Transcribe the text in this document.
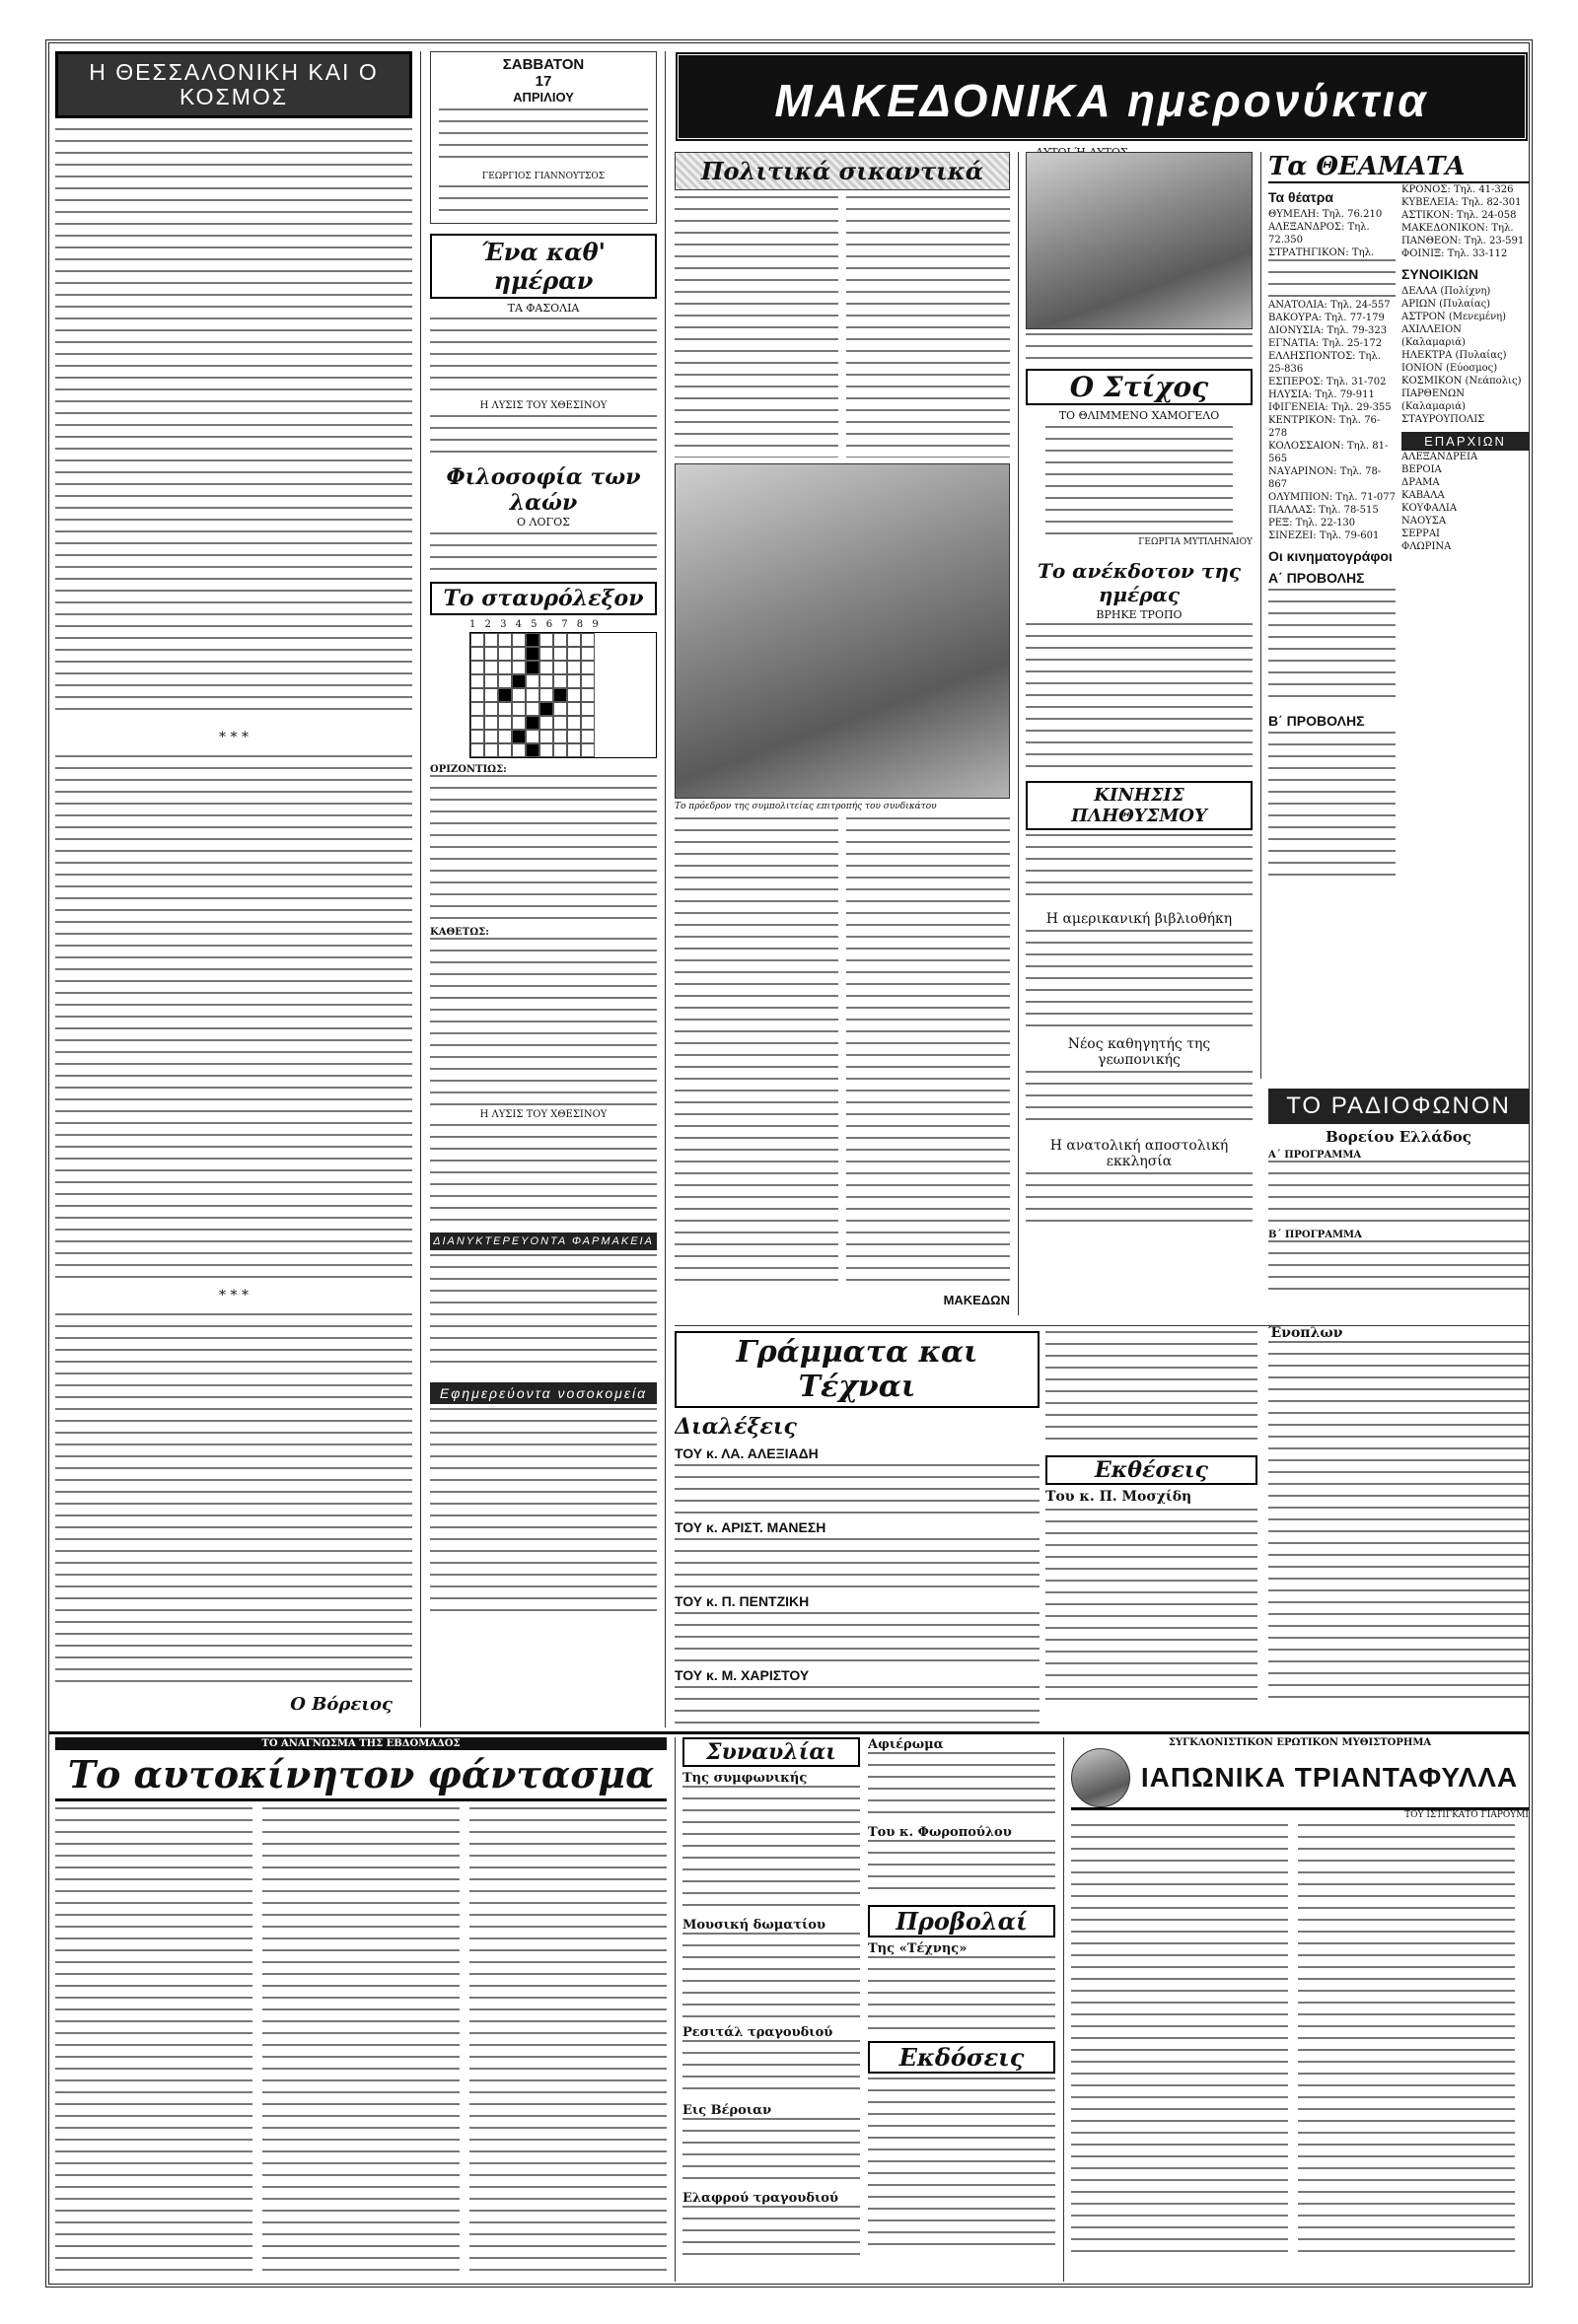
Η ΘΕΣΣΑΛΟΝΙΚΗ ΚΑΙ Ο ΚΟΣΜΟΣ
* * *
* * *
Ο Βόρειος
ΣΑΒΒΑΤΟΝ
17
ΑΠΡΙΛΙΟΥ
ΓΕΩΡΓΙΟΣ ΓΙΑΝΝΟΥΤΣΟΣ
Ένα καθ' ημέραν
ΤΑ ΦΑΣΟΛΙΑ
Η ΛΥΣΙΣ ΤΟΥ ΧΘΕΣΙΝΟΥ
Φιλοσοφία των λαών
Ο ΛΟΓΟΣ
Το σταυρόλεξον
1 2 3 4 5 6 7 8 9
ΟΡΙΖΟΝΤΙΩΣ:
ΚΑΘΕΤΩΣ:
Η ΛΥΣΙΣ ΤΟΥ ΧΘΕΣΙΝΟΥ
ΔΙΑΝΥΚΤΕΡΕΥΟΝΤΑ ΦΑΡΜΑΚΕΙΑ
Εφημερεύοντα νοσοκομεία
ΜΑΚΕΔΟΝΙΚΑ ημερονύκτια
Πολιτικά σικαντικά
Το πρόεδρον της συμπολιτείας επιτροπής του συνδικάτου
ΜΑΚΕΔΩΝ
Ο Στίχος
ΤΟ ΘΛΙΜΜΕΝΟ ΧΑΜΟΓΕΛΟ
ΓΕΩΡΓΙΑ ΜΥΤΙΛΗΝΑΙΟΥ
Το ανέκδοτον της ημέρας
ΒΡΗΚΕ ΤΡΟΠΟ
ΚΙΝΗΣΙΣ ΠΛΗΘΥΣΜΟΥ
Η αμερικανική βιβλιοθήκη
Νέος καθηγητής της γεωπονικής
Η ανατολική αποστολική εκκλησία
Τα ΘΕΑΜΑΤΑ
Τα θέατρα
ΘΥΜΕΛΗ: Τηλ. 76.210
ΑΛΕΞΑΝΔΡΟΣ: Τηλ. 72.350
ΣΤΡΑΤΗΓΙΚΟΝ: Τηλ.
ΑΝΑΤΟΛΙΑ: Τηλ. 24-557
ΒΑΚΟΥΡΑ: Τηλ. 77-179
ΔΙΟΝΥΣΙΑ: Τηλ. 79-323
ΕΓΝΑΤΙΑ: Τηλ. 25-172
ΕΛΛΗΣΠΟΝΤΟΣ: Τηλ. 25-836
ΕΣΠΕΡΟΣ: Τηλ. 31-702
ΗΛΥΣΙΑ: Τηλ. 79-911
ΙΦΙΓΕΝΕΙΑ: Τηλ. 29-355
ΚΕΝΤΡΙΚΟΝ: Τηλ. 76-278
ΚΟΛΟΣΣΑΙΟΝ: Τηλ. 81-565
ΝΑΥΑΡΙΝΟΝ: Τηλ. 78-867
ΟΛΥΜΠΙΟΝ: Τηλ. 71-077
ΠΑΛΛΑΣ: Τηλ. 78-515
ΡΕΞ: Τηλ. 22-130
ΣΙΝΕΖΕΙ: Τηλ. 79-601
Οι κινηματογράφοι
Α΄ ΠΡΟΒΟΛΗΣ
Β΄ ΠΡΟΒΟΛΗΣ
ΚΡΟΝΟΣ: Τηλ. 41-326
ΚΥΒΕΛΕΙΑ: Τηλ. 82-301
ΑΣΤΙΚΟΝ: Τηλ. 24-058
ΜΑΚΕΔΟΝΙΚΟΝ: Τηλ.
ΠΑΝΘΕΟΝ: Τηλ. 23-591
ΦΟΙΝΙΞ: Τηλ. 33-112
ΣΥΝΟΙΚΙΩΝ
ΔΕΛΛΑ (Πολίχνη)
ΑΡΙΩΝ (Πυλαίας)
ΑΣΤΡΟΝ (Μενεμένη)
ΑΧΙΛΛΕΙΟΝ (Καλαμαριά)
ΗΛΕΚΤΡΑ (Πυλαίας)
ΙΟΝΙΟΝ (Εύοσμος)
ΚΟΣΜΙΚΟΝ (Νεάπολις)
ΠΑΡΘΕΝΩΝ (Καλαμαριά)
ΣΤΑΥΡΟΥΠΟΛΙΣ
ΕΠΑΡΧΙΩΝ
ΑΛΕΞΑΝΔΡΕΙΑ
ΒΕΡΟΙΑ
ΔΡΑΜΑ
ΚΑΒΑΛΑ
ΚΟΥΦΑΛΙΑ
ΝΑΟΥΣΑ
ΣΕΡΡΑΙ
ΦΛΩΡΙΝΑ
ΤΟ ΡΑΔΙΟΦΩΝΟΝ
Βορείου Ελλάδος
Α΄ ΠΡΟΓΡΑΜΜΑ
Β΄ ΠΡΟΓΡΑΜΜΑ
Γράμματα και Τέχναι
Διαλέξεις
ΤΟΥ κ. ΛΑ. ΑΛΕΞΙΑΔΗ
ΤΟΥ κ. ΑΡΙΣΤ. ΜΑΝΕΣΗ
ΤΟΥ κ. Π. ΠΕΝΤΖΙΚΗ
ΤΟΥ κ. Μ. ΧΑΡΙΣΤΟΥ
Εκθέσεις
Του κ. Π. Μοσχίδη
Ένοπλων
ΤΟ ΑΝΑΓΝΩΣΜΑ ΤΗΣ ΕΒΔΟΜΑΔΟΣ
Το αυτοκίνητον φάντασμα	Συναυλίαι
Της συμφωνικής
Μουσική δωματίου
Ρεσιτάλ τραγουδιού
Εις Βέροιαν
Ελαφρού τραγουδιού
Αφιέρωμα
Του κ. Φωροπούλου
Προβολαί
Της «Τέχνης»
Εκδόσεις
ΣΥΓΚΛΟΝΙΣΤΙΚΟΝ ΕΡΩΤΙΚΟΝ ΜΥΘΙΣΤΟΡΗΜΑ
ΙΑΠΩΝΙΚΑ ΤΡΙΑΝΤΑΦΥΛΛΑ
ΤΟΥ ΙΣΤΙΓΚΑΤΟ ΓΙΑΡΟΥΜΙ
